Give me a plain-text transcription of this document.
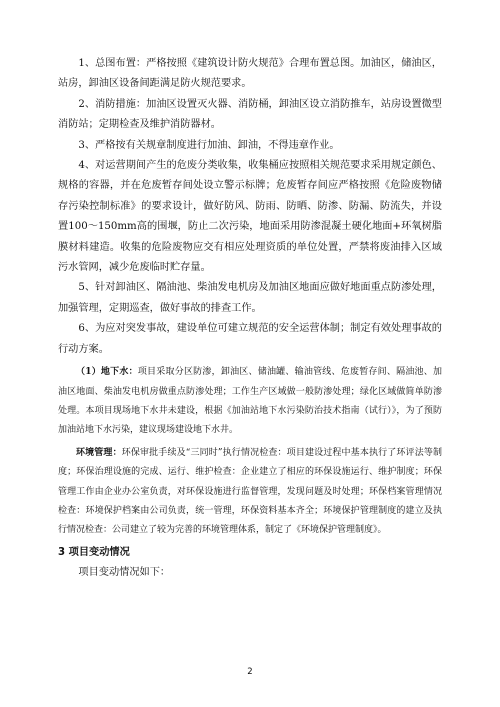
1、总图布置：严格按照《建筑设计防火规范》合理布置总图。加油区，储油区，站房，卸油区设备间距满足防火规范要求。

2、消防措施：加油区设置灭火器、消防桶，卸油区设立消防推车，站房设置微型消防站；定期检查及维护消防器材。

3、严格按有关规章制度进行加油、卸油，不得违章作业。

4、对运营期间产生的危废分类收集，收集桶应按照相关规范要求采用规定颜色、规格的容器，并在危废暂存间处设立警示标牌；危废暂存间应严格按照《危险废物储存污染控制标准》的要求设计，做好防风、防雨、防晒、防渗、防漏、防流失，并设置100～150mm高的围堰，防止二次污染，地面采用防渗混凝土硬化地面+环氧树脂膜材料建造。收集的危险废物应交有相应处理资质的单位处置，严禁将废油排入区域污水管网，减少危废临时贮存量。

5、针对卸油区、隔油池、柴油发电机房及加油区地面应做好地面重点防渗处理，加强管理，定期巡查，做好事故的排查工作。

6、为应对突发事故，建设单位可建立规范的安全运营体制；制定有效处理事故的行动方案。

（1）地下水：项目采取分区防渗，卸油区、储油罐、输油管线、危废暂存间、隔油池、加油区地面、柴油发电机房做重点防渗处理；工作生产区域做一般防渗处理；绿化区域做简单防渗处理。本项目现场地下水井未建设，根据《加油站地下水污染防治技术指南（试行）》，为了预防加油站地下水污染，建议现场建设地下水井。

环境管理：环保审批手续及“三同时”执行情况检查：项目建设过程中基本执行了环评法等制度；环保治理设施的完成、运行、维护检查：企业建立了相应的环保设施运行、维护制度；环保管理工作由企业办公室负责，对环保设施进行监督管理，发现问题及时处理；环保档案管理情况检查：环境保护档案由公司负责，统一管理，环保资料基本齐全；环境保护管理制度的建立及执行情况检查：公司建立了较为完善的环境管理体系，制定了《环境保护管理制度》。

3 项目变动情况

项目变动情况如下：

2
